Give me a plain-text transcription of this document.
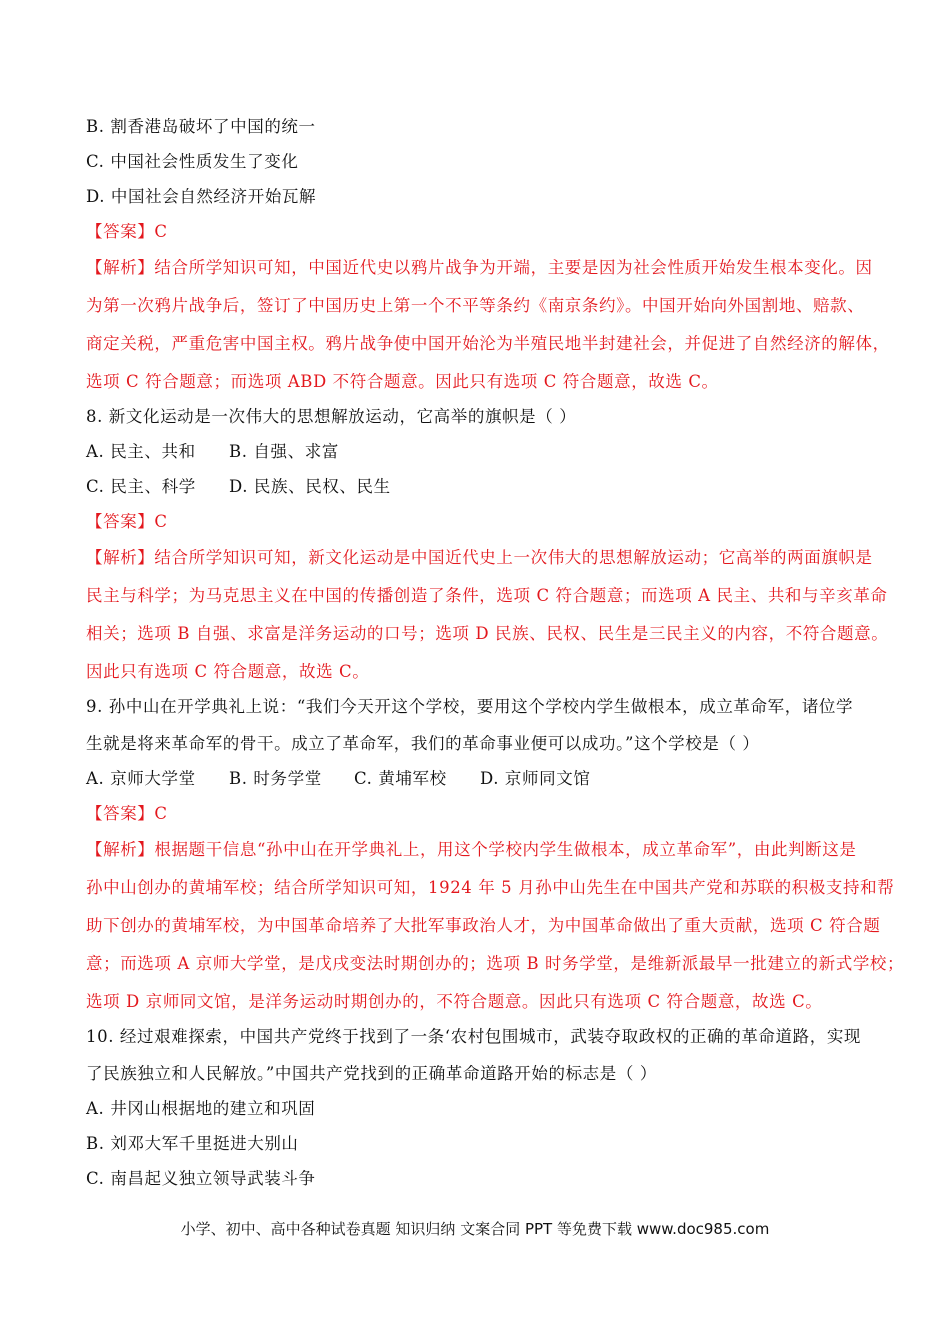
B. 割香港岛破坏了中国的统一
C. 中国社会性质发生了变化
D. 中国社会自然经济开始瓦解
【答案】C
【解析】结合所学知识可知，中国近代史以鸦片战争为开端，主要是因为社会性质开始发生根本变化。因
为第一次鸦片战争后，签订了中国历史上第一个不平等条约《南京条约》。中国开始向外国割地、赔款、
商定关税，严重危害中国主权。鸦片战争使中国开始沦为半殖民地半封建社会，并促进了自然经济的解体，
选项 C 符合题意；而选项 ABD 不符合题意。因此只有选项 C 符合题意，故选 C。
8. 新文化运动是一次伟大的思想解放运动，它高举的旗帜是（ ）
A. 民主、共和 B. 自强、求富
C. 民主、科学 D. 民族、民权、民生
【答案】C
【解析】结合所学知识可知，新文化运动是中国近代史上一次伟大的思想解放运动；它高举的两面旗帜是
民主与科学；为马克思主义在中国的传播创造了条件，选项 C 符合题意；而选项 A 民主、共和与辛亥革命
相关；选项 B 自强、求富是洋务运动的口号；选项 D 民族、民权、民生是三民主义的内容，不符合题意。
因此只有选项 C 符合题意，故选 C。
9. 孙中山在开学典礼上说：“我们今天开这个学校，要用这个学校内学生做根本，成立革命军，诸位学
生就是将来革命军的骨干。成立了革命军，我们的革命事业便可以成功。”这个学校是（ ）
A. 京师大学堂 B. 时务学堂 C. 黄埔军校 D. 京师同文馆
【答案】C
【解析】根据题干信息“孙中山在开学典礼上，用这个学校内学生做根本，成立革命军”，由此判断这是
孙中山创办的黄埔军校；结合所学知识可知，1924 年 5 月孙中山先生在中国共产党和苏联的积极支持和帮
助下创办的黄埔军校，为中国革命培养了大批军事政治人才，为中国革命做出了重大贡献，选项 C 符合题
意；而选项 A 京师大学堂，是戊戌变法时期创办的；选项 B 时务学堂，是维新派最早一批建立的新式学校；
选项 D 京师同文馆，是洋务运动时期创办的，不符合题意。因此只有选项 C 符合题意，故选 C。
10. 经过艰难探索，中国共产党终于找到了一条‘农村包围城市，武装夺取政权的正确的革命道路，实现
了民族独立和人民解放。”中国共产党找到的正确革命道路开始的标志是（ ）
A. 井冈山根据地的建立和巩固
B. 刘邓大军千里挺进大别山
C. 南昌起义独立领导武装斗争
小学、初中、高中各种试卷真题 知识归纳 文案合同 PPT 等免费下载 www.doc985.com
